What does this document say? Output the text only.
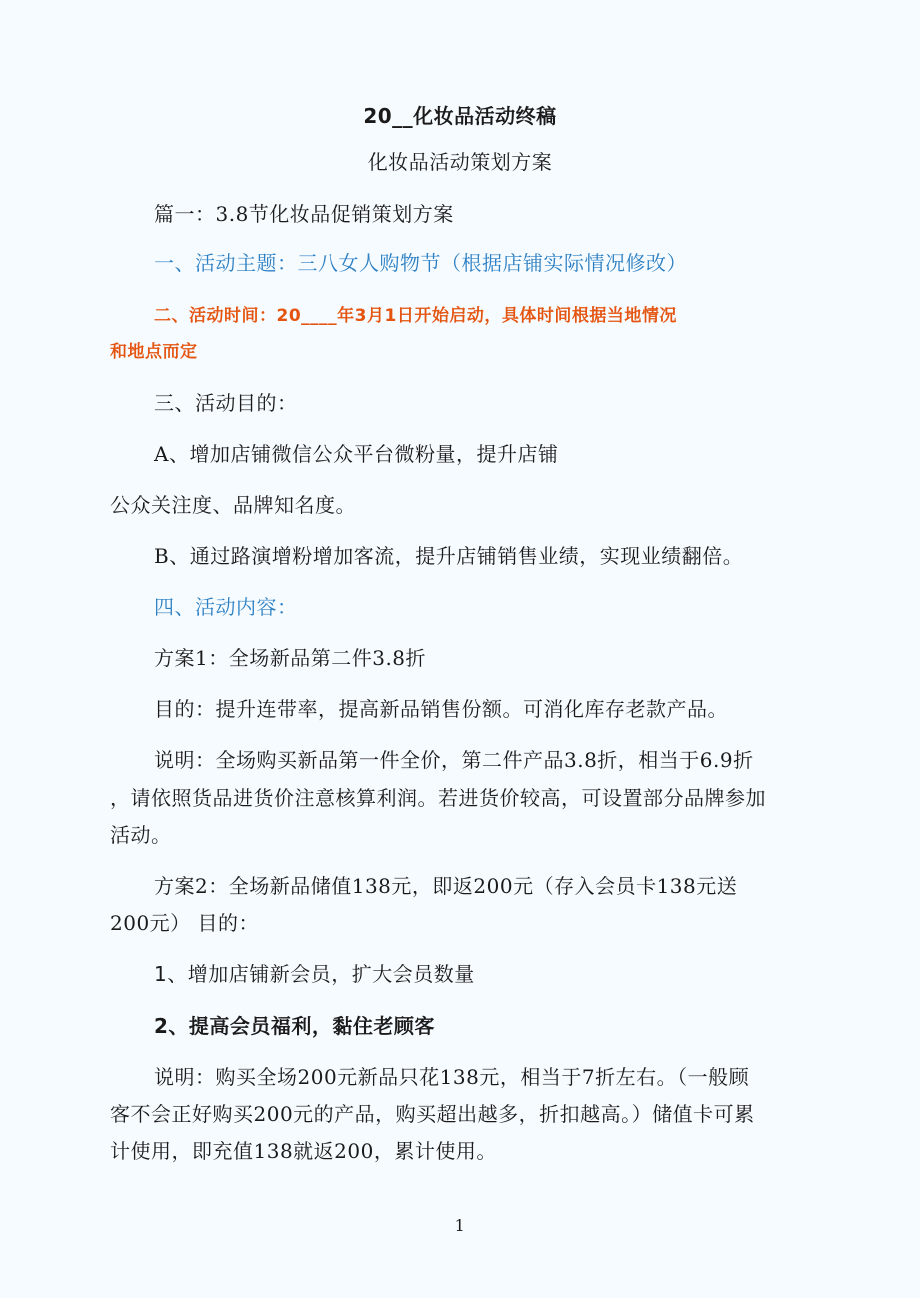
20__化妆品活动终稿
化妆品活动策划方案
篇一：3.8节化妆品促销策划方案
一、活动主题：三八女人购物节（根据店铺实际情况修改）
二、活动时间：20____年3月1日开始启动，具体时间根据当地情况
和地点而定
三、活动目的：
A、增加店铺微信公众平台微粉量，提升店铺
公众关注度、品牌知名度。
B、通过路演增粉增加客流，提升店铺销售业绩，实现业绩翻倍。
四、活动内容：
方案1：全场新品第二件3.8折
目的：提升连带率，提高新品销售份额。可消化库存老款产品。
说明：全场购买新品第一件全价，第二件产品3.8折，相当于6.9折
，请依照货品进货价注意核算利润。若进货价较高，可设置部分品牌参加
活动。
方案2：全场新品储值138元，即返200元（存入会员卡138元送
200元） 目的：
1、增加店铺新会员，扩大会员数量
2、提高会员福利，黏住老顾客
说明：购买全场200元新品只花138元，相当于7折左右。（一般顾
客不会正好购买200元的产品，购买超出越多，折扣越高。）储值卡可累
计使用，即充值138就返200，累计使用。
1
